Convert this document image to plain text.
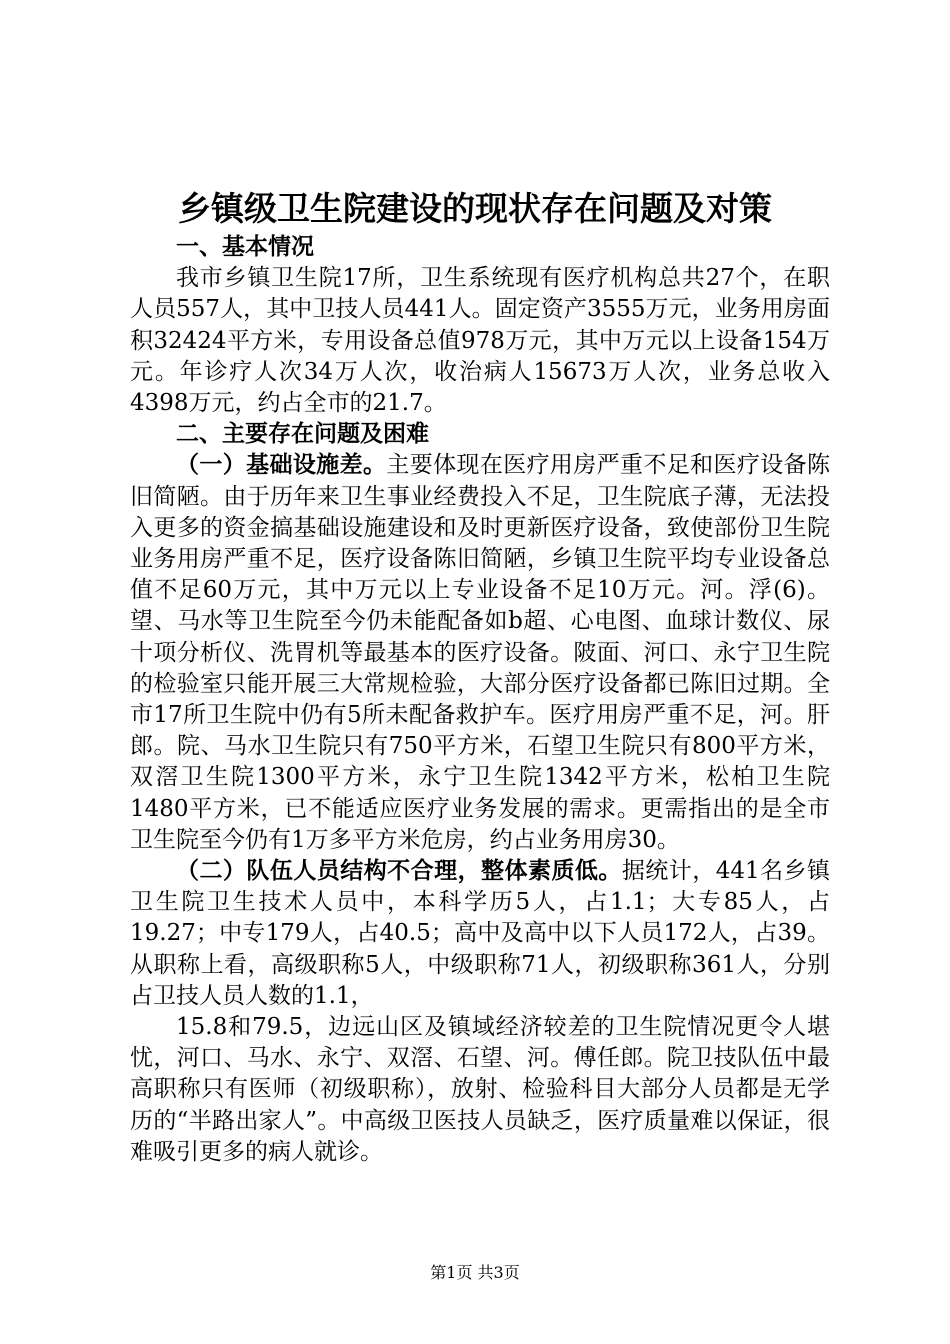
乡镇级卫生院建设的现状存在问题及对策

一、基本情况

我市乡镇卫生院17所，卫生系统现有医疗机构总共27个，在职人员557人，其中卫技人员441人。固定资产3555万元，业务用房面积32424平方米，专用设备总值978万元，其中万元以上设备154万元。年诊疗人次34万人次，收治病人15673万人次，业务总收入4398万元，约占全市的21.7。

二、主要存在问题及困难

（一）基础设施差。主要体现在医疗用房严重不足和医疗设备陈旧简陋。由于历年来卫生事业经费投入不足，卫生院底子薄，无法投入更多的资金搞基础设施建设和及时更新医疗设备，致使部份卫生院业务用房严重不足，医疗设备陈旧简陋，乡镇卫生院平均专业设备总值不足60万元，其中万元以上专业设备不足10万元。河。浮(6)。望、马水等卫生院至今仍未能配备如b超、心电图、血球计数仪、尿十项分析仪、洗胃机等最基本的医疗设备。陂面、河口、永宁卫生院的检验室只能开展三大常规检验，大部分医疗设备都已陈旧过期。全市17所卫生院中仍有5所未配备救护车。医疗用房严重不足，河。肝郎。院、马水卫生院只有750平方米，石望卫生院只有800平方米，双滘卫生院1300平方米，永宁卫生院1342平方米，松柏卫生院1480平方米，已不能适应医疗业务发展的需求。更需指出的是全市卫生院至今仍有1万多平方米危房，约占业务用房30。

（二）队伍人员结构不合理，整体素质低。据统计，441名乡镇卫生院卫生技术人员中，本科学历5人，占1.1；大专85人，占19.27；中专179人，占40.5；高中及高中以下人员172人，占39。从职称上看，高级职称5人，中级职称71人，初级职称361人，分别占卫技人员人数的1.1，

15.8和79.5，边远山区及镇域经济较差的卫生院情况更令人堪忧，河口、马水、永宁、双滘、石望、河。傅任郎。院卫技队伍中最高职称只有医师（初级职称），放射、检验科目大部分人员都是无学历的“半路出家人”。中高级卫医技人员缺乏，医疗质量难以保证，很难吸引更多的病人就诊。

第1页 共3页
